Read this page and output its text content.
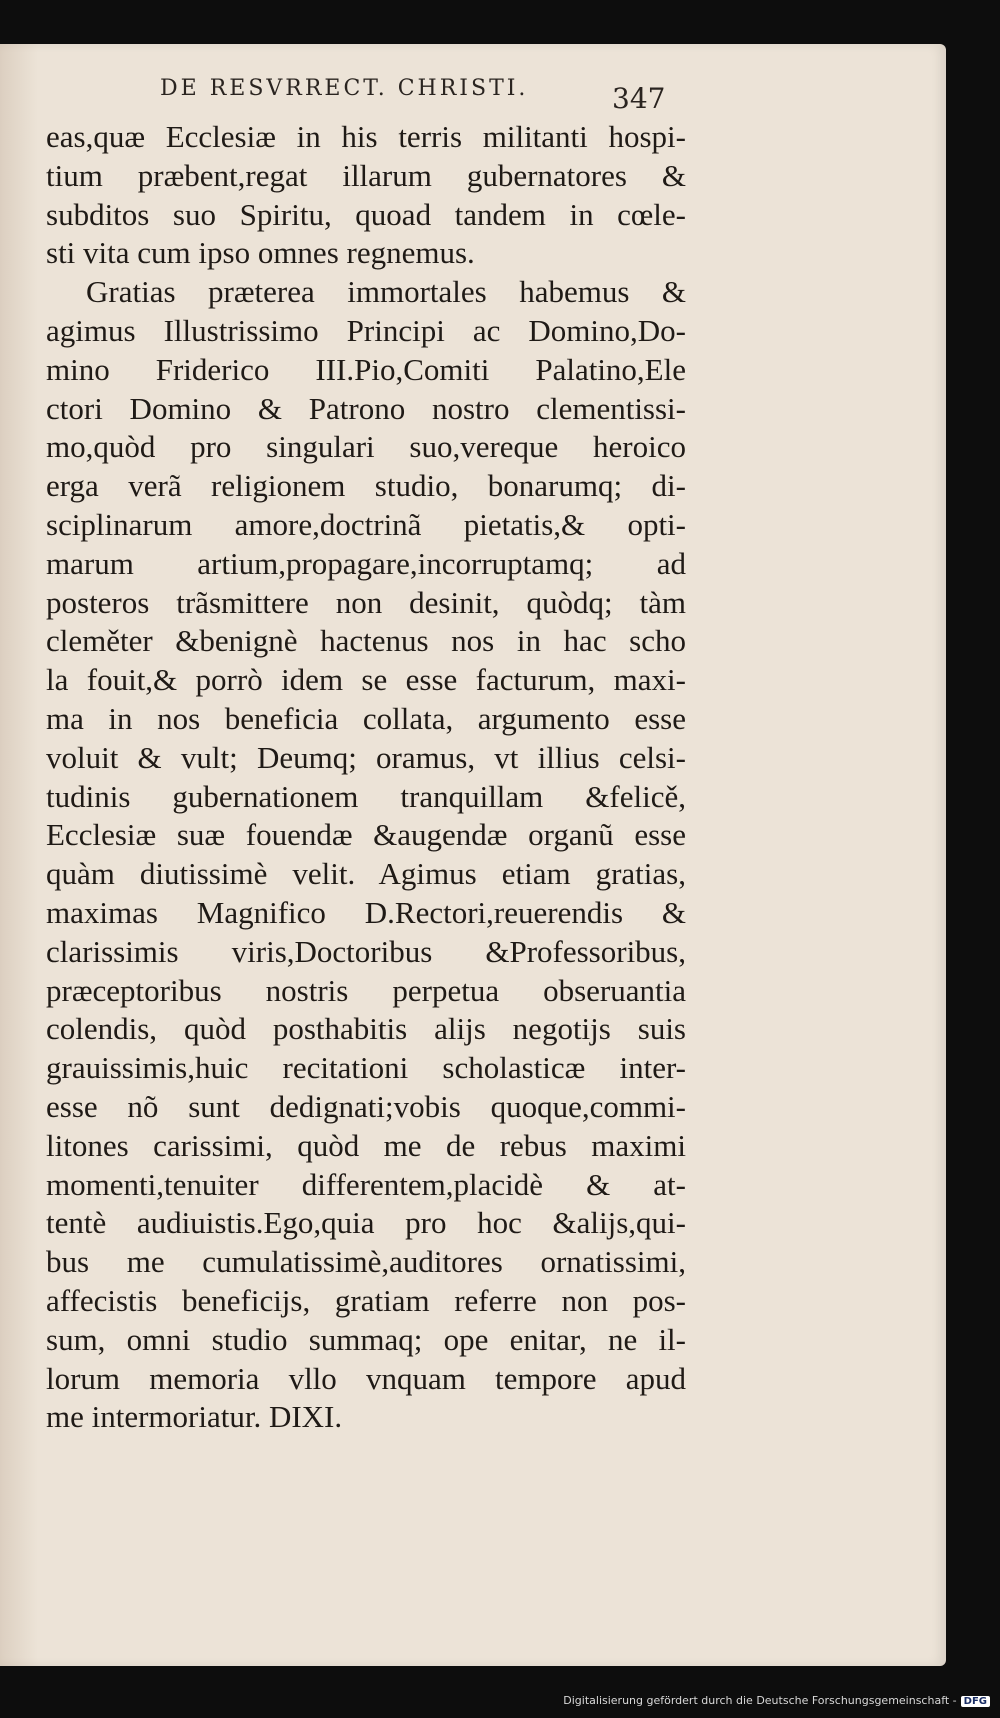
DE RESVRRECT. CHRISTI.	347
eas,quæ Ecclesiæ in his terris militanti hospi-
tium præbent,regat illarum gubernatores &
subditos suo Spiritu, quoad tandem in cœle-
sti vita cum ipso omnes regnemus.
Gratias præterea immortales habemus &
agimus Illustrissimo Principi ac Domino,Do-
mino Friderico III.Pio,Comiti Palatino,Ele
ctori Domino & Patrono nostro clementissi-
mo,quòd pro singulari suo,vereque heroico
erga verã religionem studio, bonarumq; di-
sciplinarum amore,doctrinã pietatis,& opti-
marum artium,propagare,incorruptamq; ad
posteros trãsmittere non desinit, quòdq; tàm
cleměter &benignè hactenus nos in hac scho
la fouit,& porrò idem se esse facturum, maxi-
ma in nos beneficia collata, argumento esse
voluit & vult; Deumq; oramus, vt illius celsi-
tudinis gubernationem tranquillam &felicě,
Ecclesiæ suæ fouendæ &augendæ organũ esse
quàm diutissimè velit. Agimus etiam gratias,
maximas Magnifico D.Rectori,reuerendis &
clarissimis viris,Doctoribus &Professoribus,
præceptoribus nostris perpetua obseruantia
colendis, quòd posthabitis alijs negotijs suis
grauissimis,huic recitationi scholasticæ inter-
esse nõ sunt dedignati;vobis quoque,commi-
litones carissimi, quòd me de rebus maximi
momenti,tenuiter differentem,placidè & at-
tentè audiuistis.Ego,quia pro hoc &alijs,qui-
bus me cumulatissimè,auditores ornatissimi,
affecistis beneficijs, gratiam referre non pos-
sum, omni studio summaq; ope enitar, ne il-
lorum memoria vllo vnquam tempore apud
me intermoriatur. DIXI.
Digitalisierung gefördert durch die Deutsche Forschungsgemeinschaft - DFG
